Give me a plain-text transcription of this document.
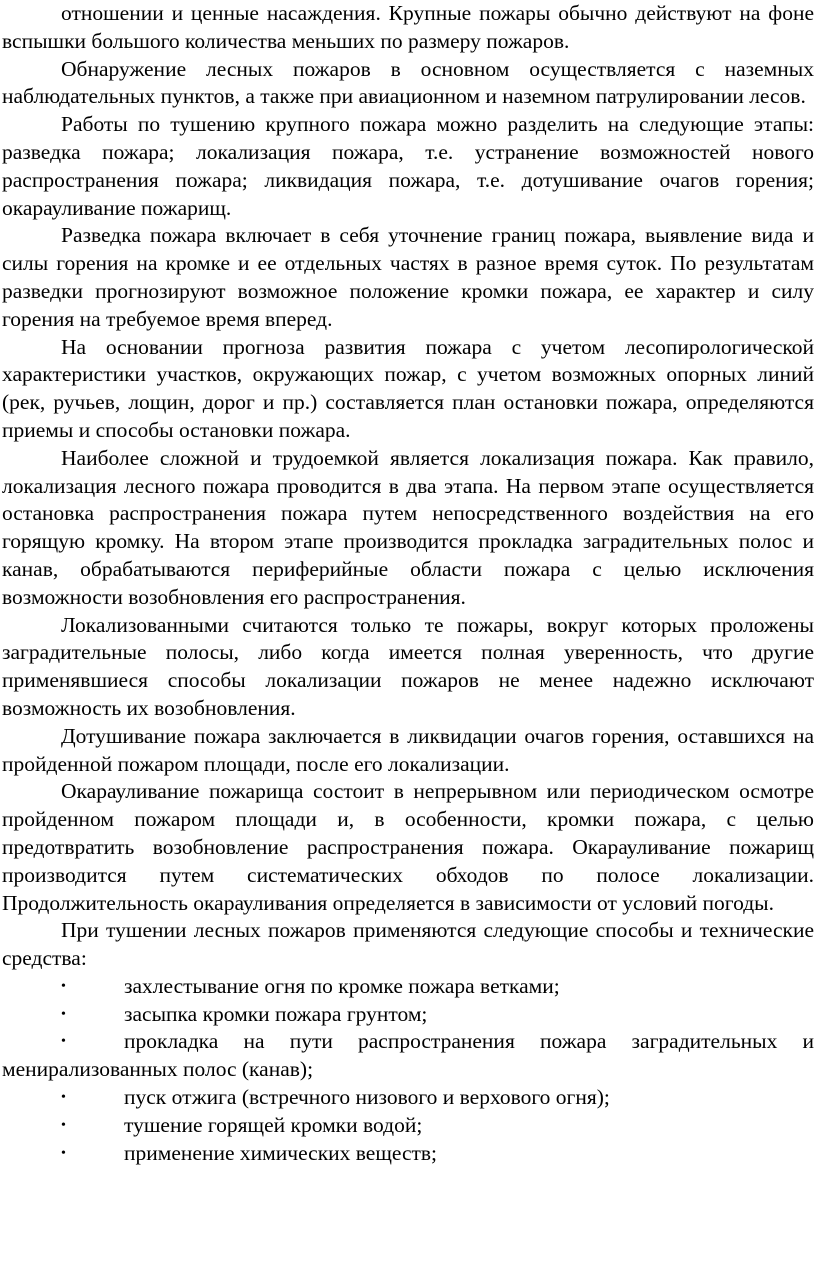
отношении и ценные насаждения. Крупные пожары обычно действуют на фоне вспышки большого количества меньших по размеру пожаров.

Обнаружение лесных пожаров в основном осуществляется с наземных наблюдательных пунктов, а также при авиационном и наземном патрулировании лесов.

Работы по тушению крупного пожара можно разделить на следующие этапы: разведка пожара; локализация пожара, т.е. устранение возможностей нового распространения пожара; ликвидация пожара, т.е. дотушивание очагов горения; окарауливание пожарищ.

Разведка пожара включает в себя уточнение границ пожара, выявление вида и силы горения на кромке и ее отдельных частях в разное время суток. По результатам разведки прогнозируют возможное положение кромки пожара, ее характер и силу горения на требуемое время вперед.

На основании прогноза развития пожара с учетом лесопирологической характеристики участков, окружающих пожар, с учетом возможных опорных линий (рек, ручьев, лощин, дорог и пр.) составляется план остановки пожара, определяются приемы и способы остановки пожара.

Наиболее сложной и трудоемкой является локализация пожара. Как правило, локализация лесного пожара проводится в два этапа. На первом этапе осуществляется остановка распространения пожара путем непосредственного воздействия на его горящую кромку. На втором этапе производится прокладка заградительных полос и канав, обрабатываются периферийные области пожара с целью исключения возможности возобновления его распространения.

Локализованными считаются только те пожары, вокруг которых проложены заградительные полосы, либо когда имеется полная уверенность, что другие применявшиеся способы локализации пожаров не менее надежно исключают возможность их возобновления.

Дотушивание пожара заключается в ликвидации очагов горения, оставшихся на пройденной пожаром площади, после его локализации.

Окарауливание пожарища состоит в непрерывном или периодическом осмотре пройденном пожаром площади и, в особенности, кромки пожара, с целью предотвратить возобновление распространения пожара. Окарауливание пожарищ производится путем систематических обходов по полосе локализации. Продолжительность окарауливания определяется в зависимости от условий погоды.

При тушении лесных пожаров применяются следующие способы и технические средства:

•	захлестывание огня по кромке пожара ветками;
•	засыпка кромки пожара грунтом;
•	прокладка на пути распространения пожара заградительных и менирализованных полос (канав);
•	пуск отжига (встречного низового и верхового огня);
•	тушение горящей кромки водой;
•	применение химических веществ;
